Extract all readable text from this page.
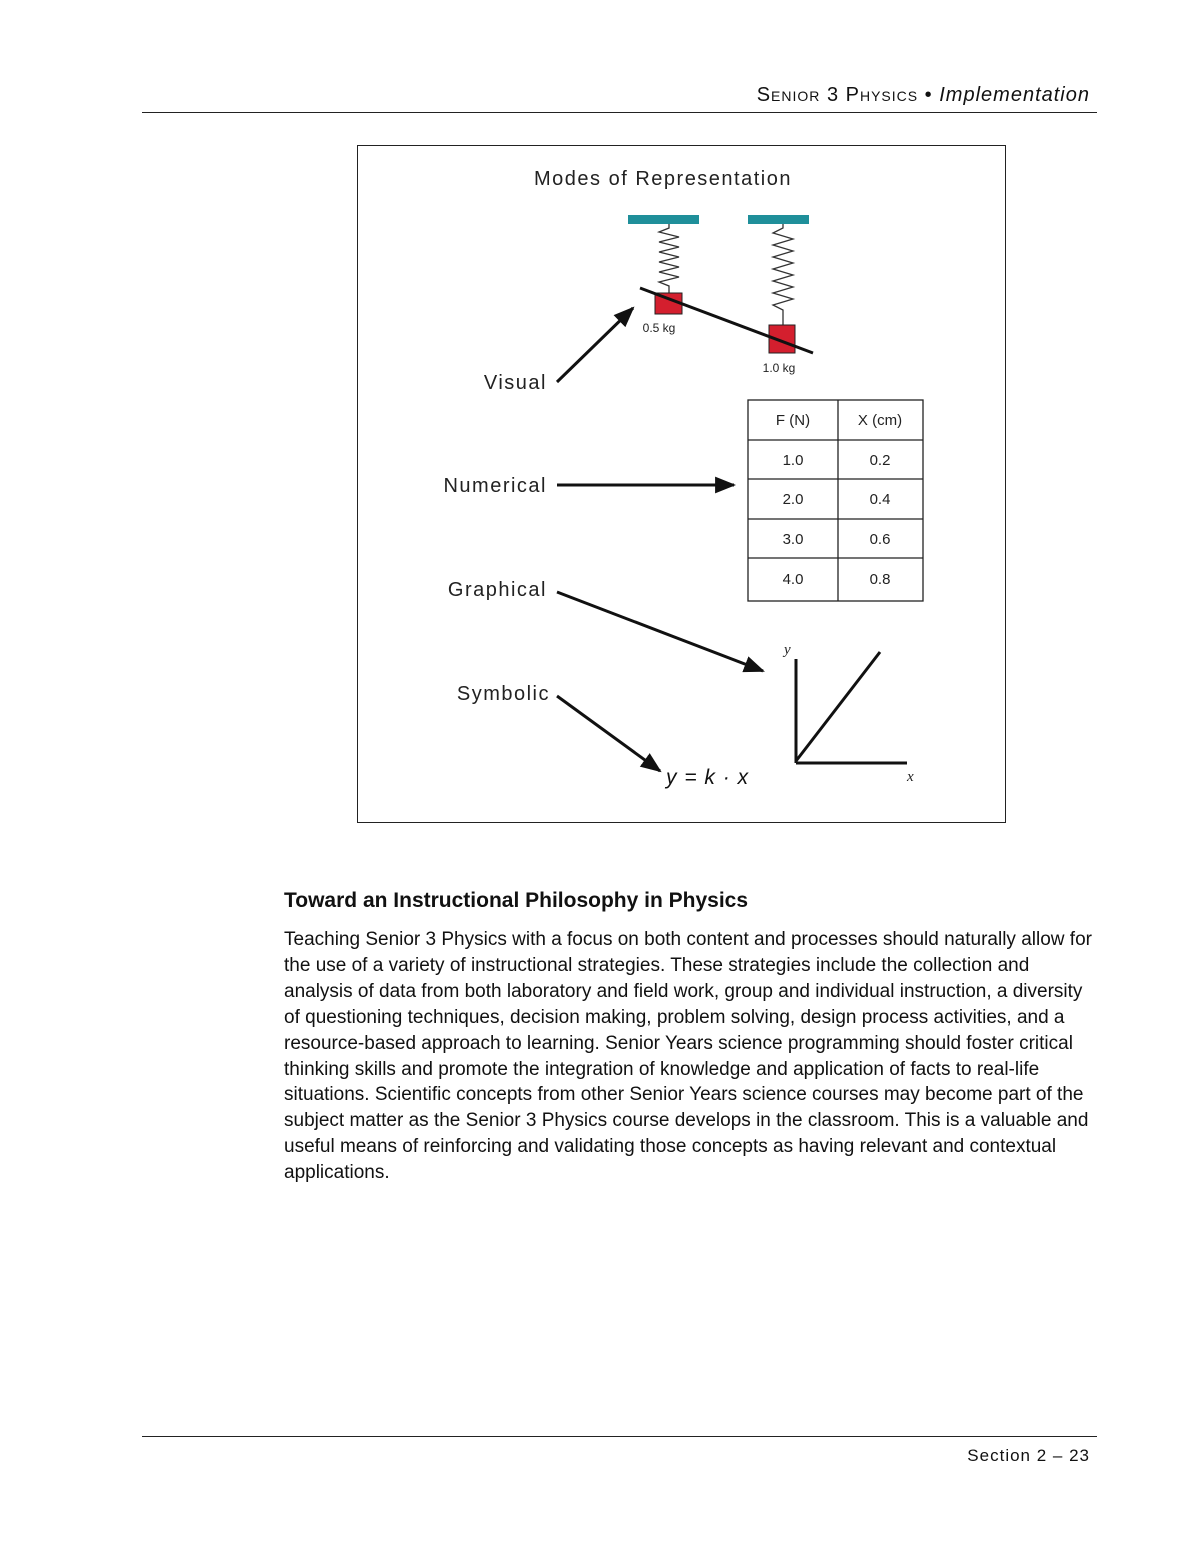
Senior 3 Physics • Implementation
Modes of Representation
0.5 kg
1.0 kg
Visual
Numerical
Graphical
Symbolic
F (N)	X (cm)
1.0	0.2
2.0	0.4
3.0	0.6
4.0	0.8
y
x
y = k · x
Toward an Instructional Philosophy in Physics

Teaching Senior 3 Physics with a focus on both content and processes should naturally allow for the use of a variety of instructional strategies. These strategies include the collection and analysis of data from both laboratory and field work, group and individual instruction, a diversity of questioning techniques, decision making, problem solving, design process activities, and a resource-based approach to learning. Senior Years science programming should foster critical thinking skills and promote the integration of knowledge and application of facts to real-life situations. Scientific concepts from other Senior Years science courses may become part of the subject matter as the Senior 3 Physics course develops in the classroom. This is a valuable and useful means of reinforcing and validating those concepts as having relevant and contextual applications.

Section 2 – 23
